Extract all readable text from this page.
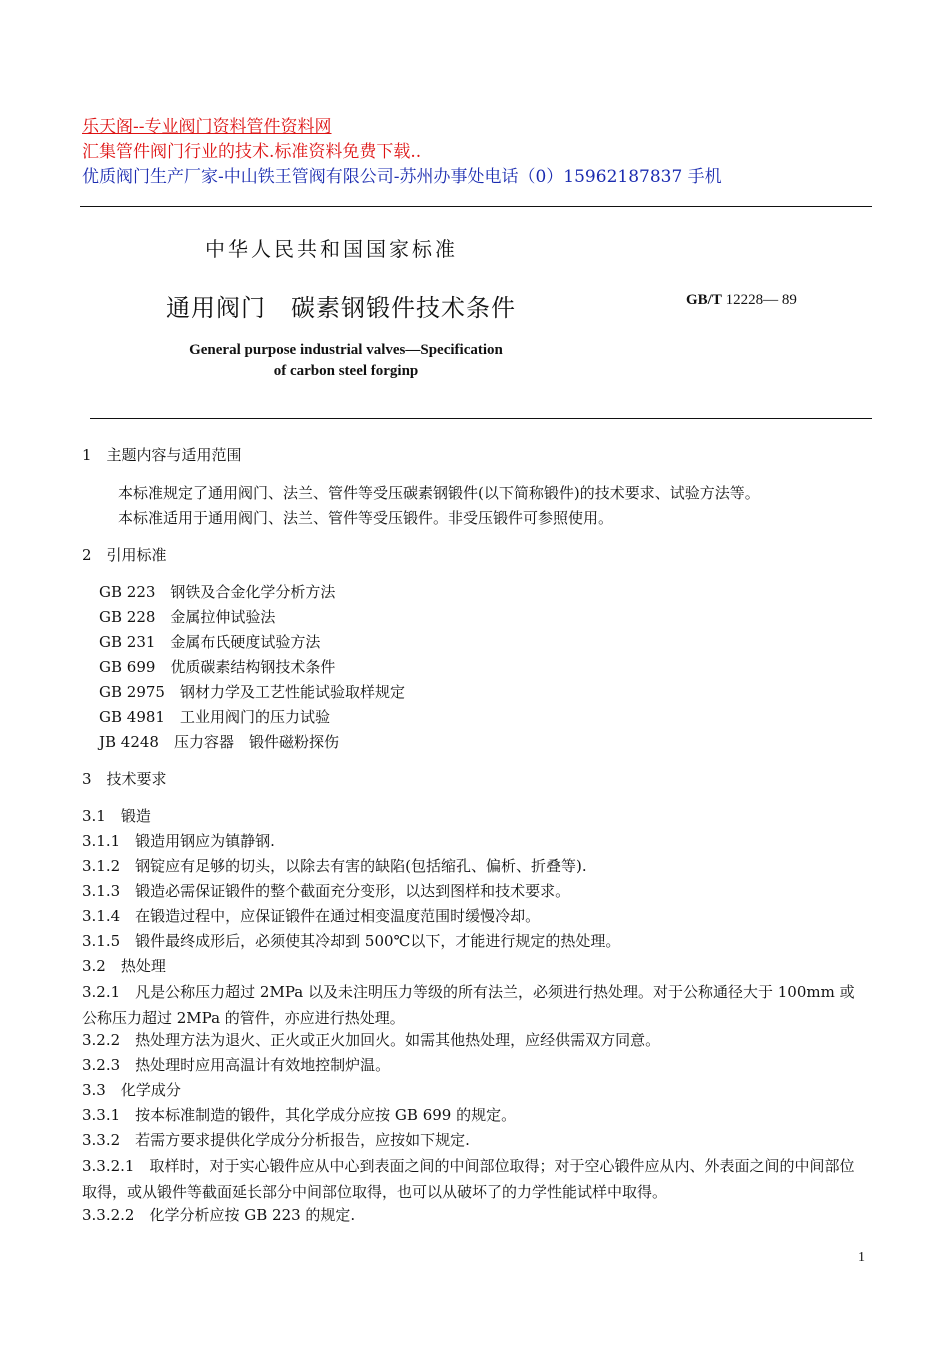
乐天阁--专业阀门资料管件资料网
汇集管件阀门行业的技术.标准资料免费下载..
优质阀门生产厂家-中山铁王管阀有限公司-苏州办事处电话（0）15962187837 手机
中华人民共和国国家标准
通用阀门　碳素钢锻件技术条件	GB/T 12228— 89
General purpose industrial valves—Specification
of carbon steel forginp
1　主题内容与适用范围
本标准规定了通用阀门、法兰、管件等受压碳素钢锻件(以下简称锻件)的技术要求、试验方法等。
本标准适用于通用阀门、法兰、管件等受压锻件。非受压锻件可参照使用。
2　引用标准
GB 223　钢铁及合金化学分析方法
GB 228　金属拉伸试验法
GB 231　金属布氏硬度试验方法
GB 699　优质碳素结构钢技术条件
GB 2975　钢材力学及工艺性能试验取样规定
GB 4981　工业用阀门的压力试验
JB 4248　压力容器　锻件磁粉探伤
3　技术要求
3.1　锻造
3.1.1　锻造用钢应为镇静钢.
3.1.2　钢锭应有足够的切头，以除去有害的缺陷(包括缩孔、偏析、折叠等).
3.1.3　锻造必需保证锻件的整个截面充分变形，以达到图样和技术要求。
3.1.4　在锻造过程中，应保证锻件在通过相变温度范围时缓慢冷却。
3.1.5　锻件最终成形后，必须使其冷却到 500℃以下，才能进行规定的热处理。
3.2　热处理
3.2.1　凡是公称压力超过 2MPa 以及未注明压力等级的所有法兰，必须进行热处理。对于公称通径大于 100mm 或公称压力超过 2MPa 的管件，亦应进行热处理。
3.2.2　热处理方法为退火、正火或正火加回火。如需其他热处理，应经供需双方同意。
3.2.3　热处理时应用高温计有效地控制炉温。
3.3　化学成分
3.3.1　按本标准制造的锻件，其化学成分应按 GB 699 的规定。
3.3.2　若需方要求提供化学成分分析报告，应按如下规定.
3.3.2.1　取样时，对于实心锻件应从中心到表面之间的中间部位取得；对于空心锻件应从内、外表面之间的中间部位取得，或从锻件等截面延长部分中间部位取得，也可以从破坏了的力学性能试样中取得。
3.3.2.2　化学分析应按 GB 223 的规定.
1
